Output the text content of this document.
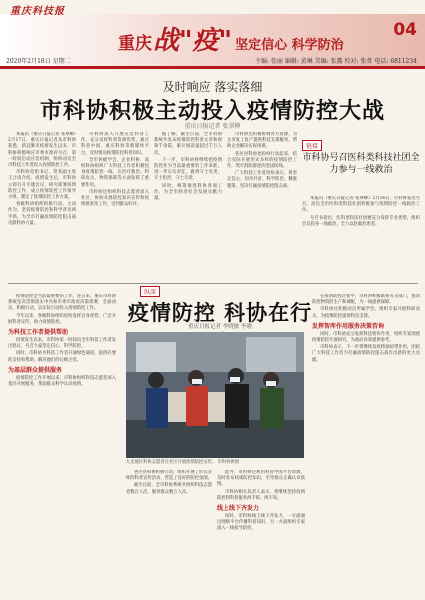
重庆科技报
重庆战"疫" 坚定信心 科学防治
04
2020年2月18日 星期二	主编: 张丽 编辑: 黄琳 美编: 张露 校对: 张菁 电话: 6811234
及时响应 落实落细
市科协积极主动投入疫情防控大战
重庆日报记者 张翠柳

本报讯（重庆日报记者 张翠柳）2月17日，重庆日报记者从市科协获悉，新冠肺炎疫情发生以来，市科协积极响应市委市政府号召，第一时间启动应急机制，组织动员全市科技工作者投入疫情防控工作。

市科协党组书记、常务副主席王合清介绍，疫情发生后，市科协立即召开专题会议，研究部署疫情防控工作，成立疫情防控工作领导小组，制定了疫情防控工作方案。

各级科协组织积极行动，主动作为，坚持疫情防控和科学普及两手抓，为全市打赢疫情防控阻击战贡献科协力量。

市科协深入开展应急科普工作，充分发挥科普资源优势，通过科普中国、重庆科协等新媒体平台，及时推送疫情防控科普知识。

全市各级学会、企业科协、高校科协组织广大科技工作者积极投身疫情防控一线，在医疗救治、科研攻关、物资保障等方面发挥了重要作用。

市科协还组织科技志愿者深入社区，协助开展防控知识宣传和疫情排查等工作，受到群众好评。

据了解，截至目前，全市科协系统共发布疫情防控科普文章和视频千余篇，累计阅读量超过千万人次。

下一步，市科协将继续把疫情防控作为当前最重要的工作来抓，进一步压实责任，做到守土有责、守土担责、守土尽责。

同时，统筹推进科协各项工作，为全市经济社会发展贡献力量。

市科协还积极协调各方资源，为企业复工复产提供科技支撑服务，帮助企业解决实际困难。

各区县科协也纷纷行动起来，结合实际开展形式多样的疫情防控工作，筑牢群防群控的坚固防线。

广大科技工作者纷纷表示，将坚定信心、同舟共济、科学防治、精准施策，坚决打赢疫情防控阻击战。

链接
市科协号召医科类科技社团全力参与一线救治

本报讯（重庆日报记者 张翠柳）2月16日，市科协发出号召，动员全市医科类科技社团积极参与疫情防控一线救治工作。

号召书指出，医科类科技社团要充分发挥专业优势，组织会员投身一线救治，全力以赴救治患者。

纵深
疫情防控 科协在行
重庆日报记者 李晓敏 李晓

疫情防控是当前最重要的工作。连日来，重庆市科协系统坚决贯彻落实中央和市委市政府决策部署，全面动员，积极行动，以实际行动投入疫情防控工作。

今年以来，各级科协组织纷纷发挥自身优势，广泛开展科普宣传，助力疫情防控。

为科技工作者提供帮助

疫情发生以来，市科协第一时间向全市科技工作者发出倡议，号召大家坚定信心、科学防控。

同时，市科协为科技工作者开通绿色通道，提供必要的支持和帮助，解决他们的后顾之忧。

为基层群众提供服务

疫情防控工作开展以来，市科协组织科技志愿者深入基层开展服务，帮助群众科学认识疫情。

九龙坡区科协志愿者在社区开展疫情防控宣传。 市科协供图

各区县科协积极行动，组织开展了形式多样的科普宣传活动，营造了良好的防控氛围。

截至目前，全市科协系统共组织科技志愿者数百人次，服务群众数万人次。

此外，市科协还利用科普中国平台资源，及时发布权威防控知识，引导群众正确认识疫情。

市科协相关负责人表示，将继续坚持疫情防控和科普服务两手抓、两不误。

线上线下齐发力

同时，市科协线上线下齐发力，一方面通过网络平台传播科普知识，另一方面组织专家深入一线指导防控。

在疫情防控过程中，市科协积极联系有关部门，推动防控物资的生产和调配，为一线提供保障。

市科协还积极动员所属学会，组织专家开展科研攻关，为疫情防控提供科技支撑。

发挥智库作用服务决策咨询

同时，市科协充分发挥科技智库作用，组织专家围绕疫情防控开展研究，为政府决策提供参考。

市科协表示，下一步将继续发挥桥梁纽带作用，团结广大科技工作者为打赢疫情防控阻击战作出新的更大贡献。
